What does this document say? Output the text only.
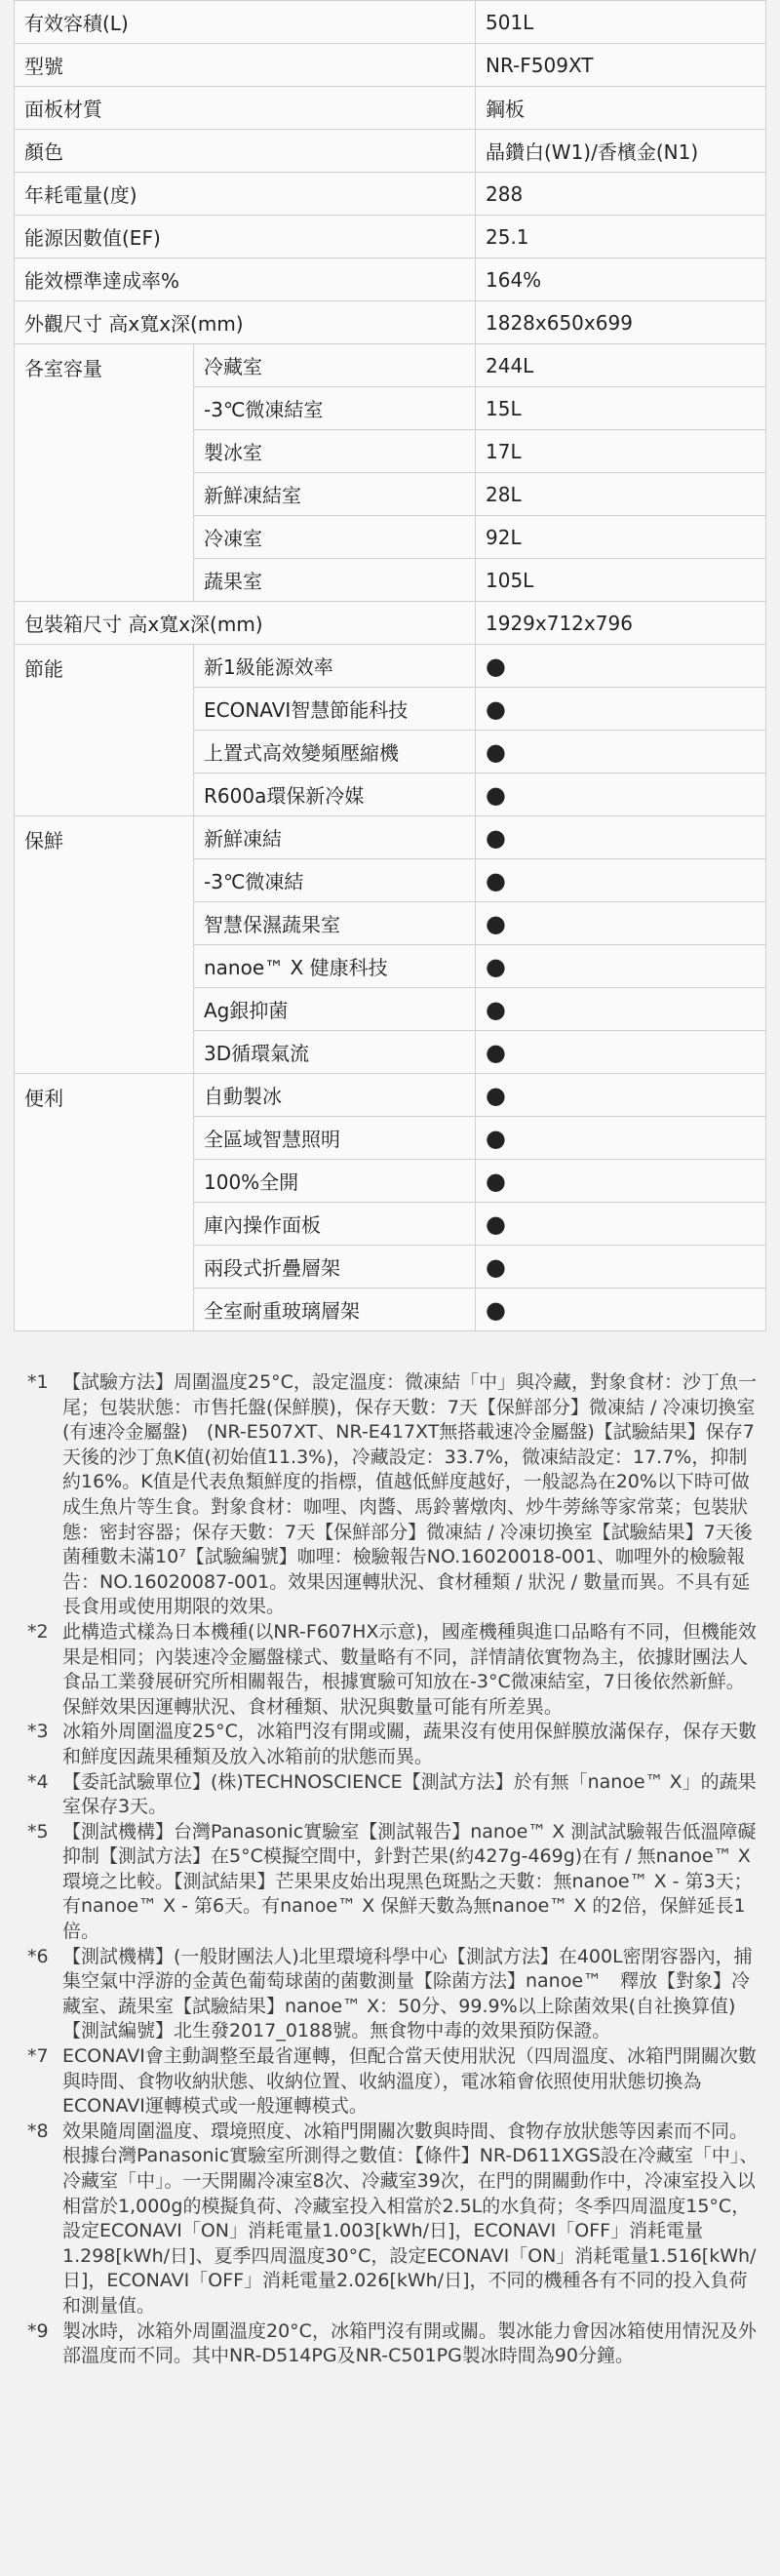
有效容積(L)		501L
型號		NR-F509XT
面板材質		鋼板
顏色		晶鑽白(W1)/香檳金(N1)
年耗電量(度)		288
能源因數值(EF)		25.1
能效標準達成率%		164%
外觀尺寸 高x寬x深(mm)		1828x650x699
各室容量	冷藏室	244L
	-3℃微凍結室	15L
	製冰室	17L
	新鮮凍結室	28L
	冷凍室	92L
	蔬果室	105L
包裝箱尺寸 高x寬x深(mm)		1929x712x796
節能	新1級能源效率	●
	ECONAVI智慧節能科技	●
	上置式高效變頻壓縮機	●
	R600a環保新冷媒	●
保鮮	新鮮凍結	●
	-3℃微凍結	●
	智慧保濕蔬果室	●
	nanoe™ X 健康科技	●
	Ag銀抑菌	●
	3D循環氣流	●
便利	自動製冰	●
	全區域智慧照明	●
	100%全開	●
	庫內操作面板	●
	兩段式折疊層架	●
	全室耐重玻璃層架	●
*1 【試驗方法】周圍溫度25°C，設定溫度：微凍結「中」與冷藏，對象食材：沙丁魚一尾；包裝狀態：市售托盤(保鮮膜)，保存天數：7天【保鮮部分】微凍結 / 冷凍切換室(有速冷金屬盤)　(NR-E507XT、NR-E417XT無搭載速冷金屬盤)【試驗結果】保存7天後的沙丁魚K值(初始值11.3%)，冷藏設定：33.7%，微凍結設定：17.7%，抑制約16%。K值是代表魚類鮮度的指標，值越低鮮度越好，一般認為在20%以下時可做成生魚片等生食。對象食材：咖哩、肉醬、馬鈴薯燉肉、炒牛蒡絲等家常菜；包裝狀態：密封容器；保存天數：7天【保鮮部分】微凍結 / 冷凍切換室【試驗結果】7天後菌種數未滿10⁷【試驗編號】咖哩：檢驗報告NO.16020018-001、咖哩外的檢驗報告：NO.16020087-001。效果因運轉狀況、食材種類 / 狀況 / 數量而異。不具有延長食用或使用期限的效果。
*2 此構造式樣為日本機種(以NR-F607HX示意)，國產機種與進口品略有不同，但機能效果是相同；內裝速冷金屬盤樣式、數量略有不同，詳情請依實物為主，依據財團法人食品工業發展研究所相關報告，根據實驗可知放在-3°C微凍結室，7日後依然新鮮。保鮮效果因運轉狀況、食材種類、狀況與數量可能有所差異。
*3 冰箱外周圍溫度25°C，冰箱門沒有開或關，蔬果沒有使用保鮮膜放滿保存，保存天數和鮮度因蔬果種類及放入冰箱前的狀態而異。
*4 【委託試驗單位】(株)TECHNOSCIENCE【測試方法】於有無「nanoe™ X」的蔬果室保存3天。
*5 【測試機構】台灣Panasonic實驗室【測試報告】nanoe™ X 測試試驗報告低溫障礙抑制【測試方法】在5°C模擬空間中，針對芒果(約427g-469g)在有 / 無nanoe™ X 環境之比較。【測試結果】芒果果皮始出現黑色斑點之天數：無nanoe™ X - 第3天；有nanoe™ X - 第6天。有nanoe™ X 保鮮天數為無nanoe™ X 的2倍，保鮮延長1倍。
*6 【測試機構】(一般財團法人)北里環境科學中心【測試方法】在400L密閉容器內，捕集空氣中浮游的金黃色葡萄球菌的菌數測量【除菌方法】nanoe™　釋放【對象】冷藏室、蔬果室【試驗結果】nanoe™ X：50分、99.9%以上除菌效果(自社換算值)【測試編號】北生發2017_0188號。無食物中毒的效果預防保證。
*7 ECONAVI會主動調整至最省運轉，但配合當天使用狀況（四周溫度、冰箱門開關次數與時間、食物收納狀態、收納位置、收納溫度），電冰箱會依照使用狀態切換為ECONAVI運轉模式或一般運轉模式。
*8 效果隨周圍溫度、環境照度、冰箱門開關次數與時間、食物存放狀態等因素而不同。根據台灣Panasonic實驗室所測得之數值：【條件】NR-D611XGS設在冷藏室「中」、冷藏室「中」。一天開關冷凍室8次、冷藏室39次，在門的開關動作中，冷凍室投入以相當於1,000g的模擬負荷、冷藏室投入相當於2.5L的水負荷；冬季四周溫度15°C，設定ECONAVI「ON」消耗電量1.003[kWh/日]，ECONAVI「OFF」消耗電量1.298[kWh/日]、夏季四周溫度30°C，設定ECONAVI「ON」消耗電量1.516[kWh/日]，ECONAVI「OFF」消耗電量2.026[kWh/日]，不同的機種各有不同的投入負荷和測量值。
*9 製冰時，冰箱外周圍溫度20°C，冰箱門沒有開或關。製冰能力會因冰箱使用情況及外部溫度而不同。其中NR-D514PG及NR-C501PG製冰時間為90分鐘。
